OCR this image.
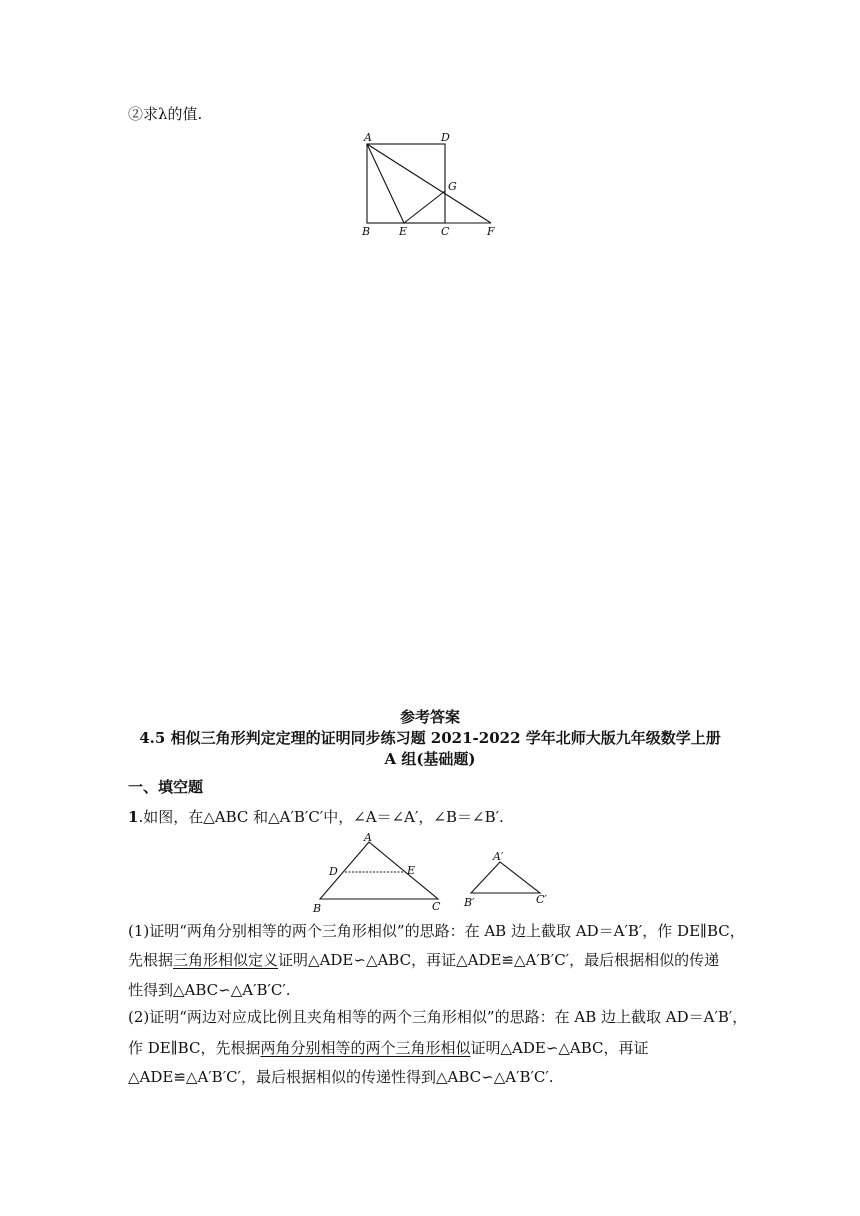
②求λ的值.
A	D
G
B	E	C	F
参考答案
4.5 相似三角形判定定理的证明同步练习题 2021-2022 学年北师大版九年级数学上册
A 组(基础题)
一、填空题
1.如图，在△ABC 和△A′B′C′中，∠A＝∠A′，∠B＝∠B′.
A
D	E
B	C
A′
B′	C′
(1)证明“两角分别相等的两个三角形相似”的思路：在 AB 边上截取 AD＝A′B′，作 DE∥BC，
先根据三角形相似定义证明△ADE∽△ABC，再证△ADE≌△A′B′C′，最后根据相似的传递
性得到△ABC∽△A′B′C′.
(2)证明“两边对应成比例且夹角相等的两个三角形相似”的思路：在 AB 边上截取 AD＝A′B′，
作 DE∥BC，先根据两角分别相等的两个三角形相似证明△ADE∽△ABC，再证
△ADE≌△A′B′C′，最后根据相似的传递性得到△ABC∽△A′B′C′.
